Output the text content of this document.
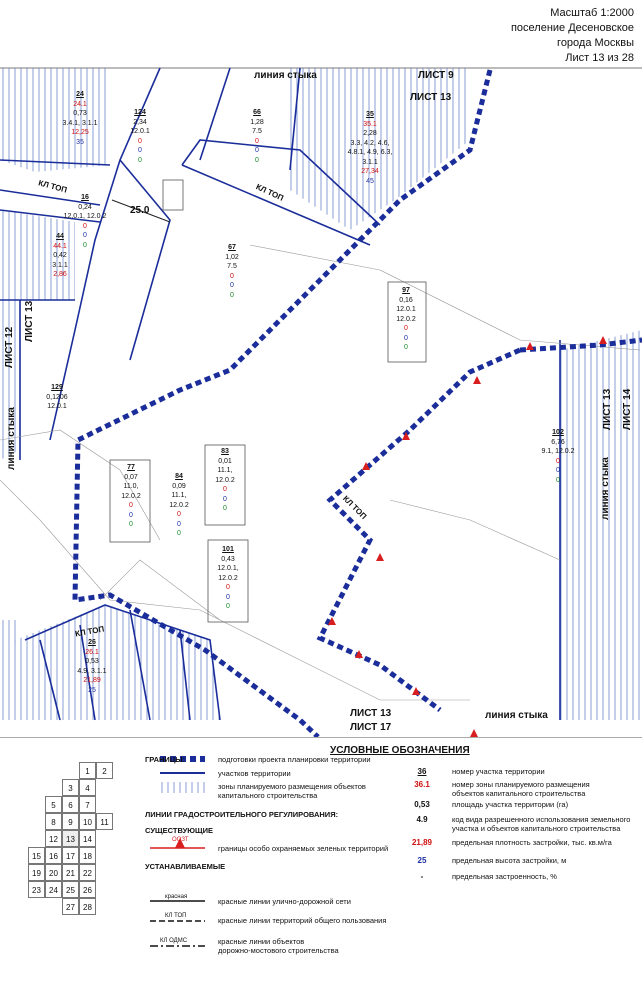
Масштаб 1:2000
поселение Десеновское
города Москвы
Лист 13 из 28
линия стыка	ЛИСТ 9
ЛИСТ 13
ЛИСТ 12
ЛИСТ 13
линия стыка	ЛИСТ 13 ЛИСТ 14
линия стыка
ЛИСТ 13
ЛИСТ 17
линия стыка
КЛ ТОП	КЛ ТОП
КЛ ТОП
КЛ ТОП
25.0
24
24.1
0,73
3.4.1, 3.1.1
12,25
35
124
2,34
12.0.1
0
0
0
66
1,28
7.5
0
0
0
35
35.1
2,28
3.3, 4.2, 4.6,
4.8.1, 4.9, 6.3, 3.1.1
27,34
45
16
0,24
12.0.1, 12.0.2
0
0
0
44
44.1
0,42
3.1.1
2,86
67
1,02
7.5
0
0
0
97
0,16
12.0.1
12.0.2
0
0
0
129
0,1206
12.0.1
102
6,76
9.1, 12.0.2
0
0
0
83
0,01
11.1,
12.0.2
0
0
0
77
0,07
11.0,
12.0.2
0
0
0
84
0,09
11.1,
12.0.2
0
0
0
101
0,43
12.0.1,
12.0.2
0
0
0
26
26.1
0,53
4.9, 3.1.1
21,89
25
УСЛОВНЫЕ ОБОЗНАЧЕНИЯ
ГРАНИЦЫ:	подготовки проекта планировки территории
участков территории
зоны планируемого размещения объектов
капитального строительства
ЛИНИИ ГРАДОСТРОИТЕЛЬНОГО РЕГУЛИРОВАНИЯ:
СУЩЕСТВУЮЩИЕ
ООЗТ
границы особо охраняемых зеленых территорий
УСТАНАВЛИВАЕМЫЕ
красная	красные линии улично-дорожной сети
КЛ ТОП	красные линии территорий общего пользования
КЛ ОДМС	красные линии объектов
дорожно-мостового строительства
36	номер участка территории
36.1	номер зоны планируемого размещения
объектов капитального строительства
0,53	площадь участка территории (га)
4.9	код вида разрешенного использования земельного
участка и объектов капитального строительства
21,89	предельная плотность застройки, тыс. кв.м/га
25	предельная высота застройки, м
-	предельная застроенность, %
1	2
3	4
5	6	7
8	9	10	11
12	13	14
15	16	17	18
19	20	21	22
23	24	25	26
27	28
